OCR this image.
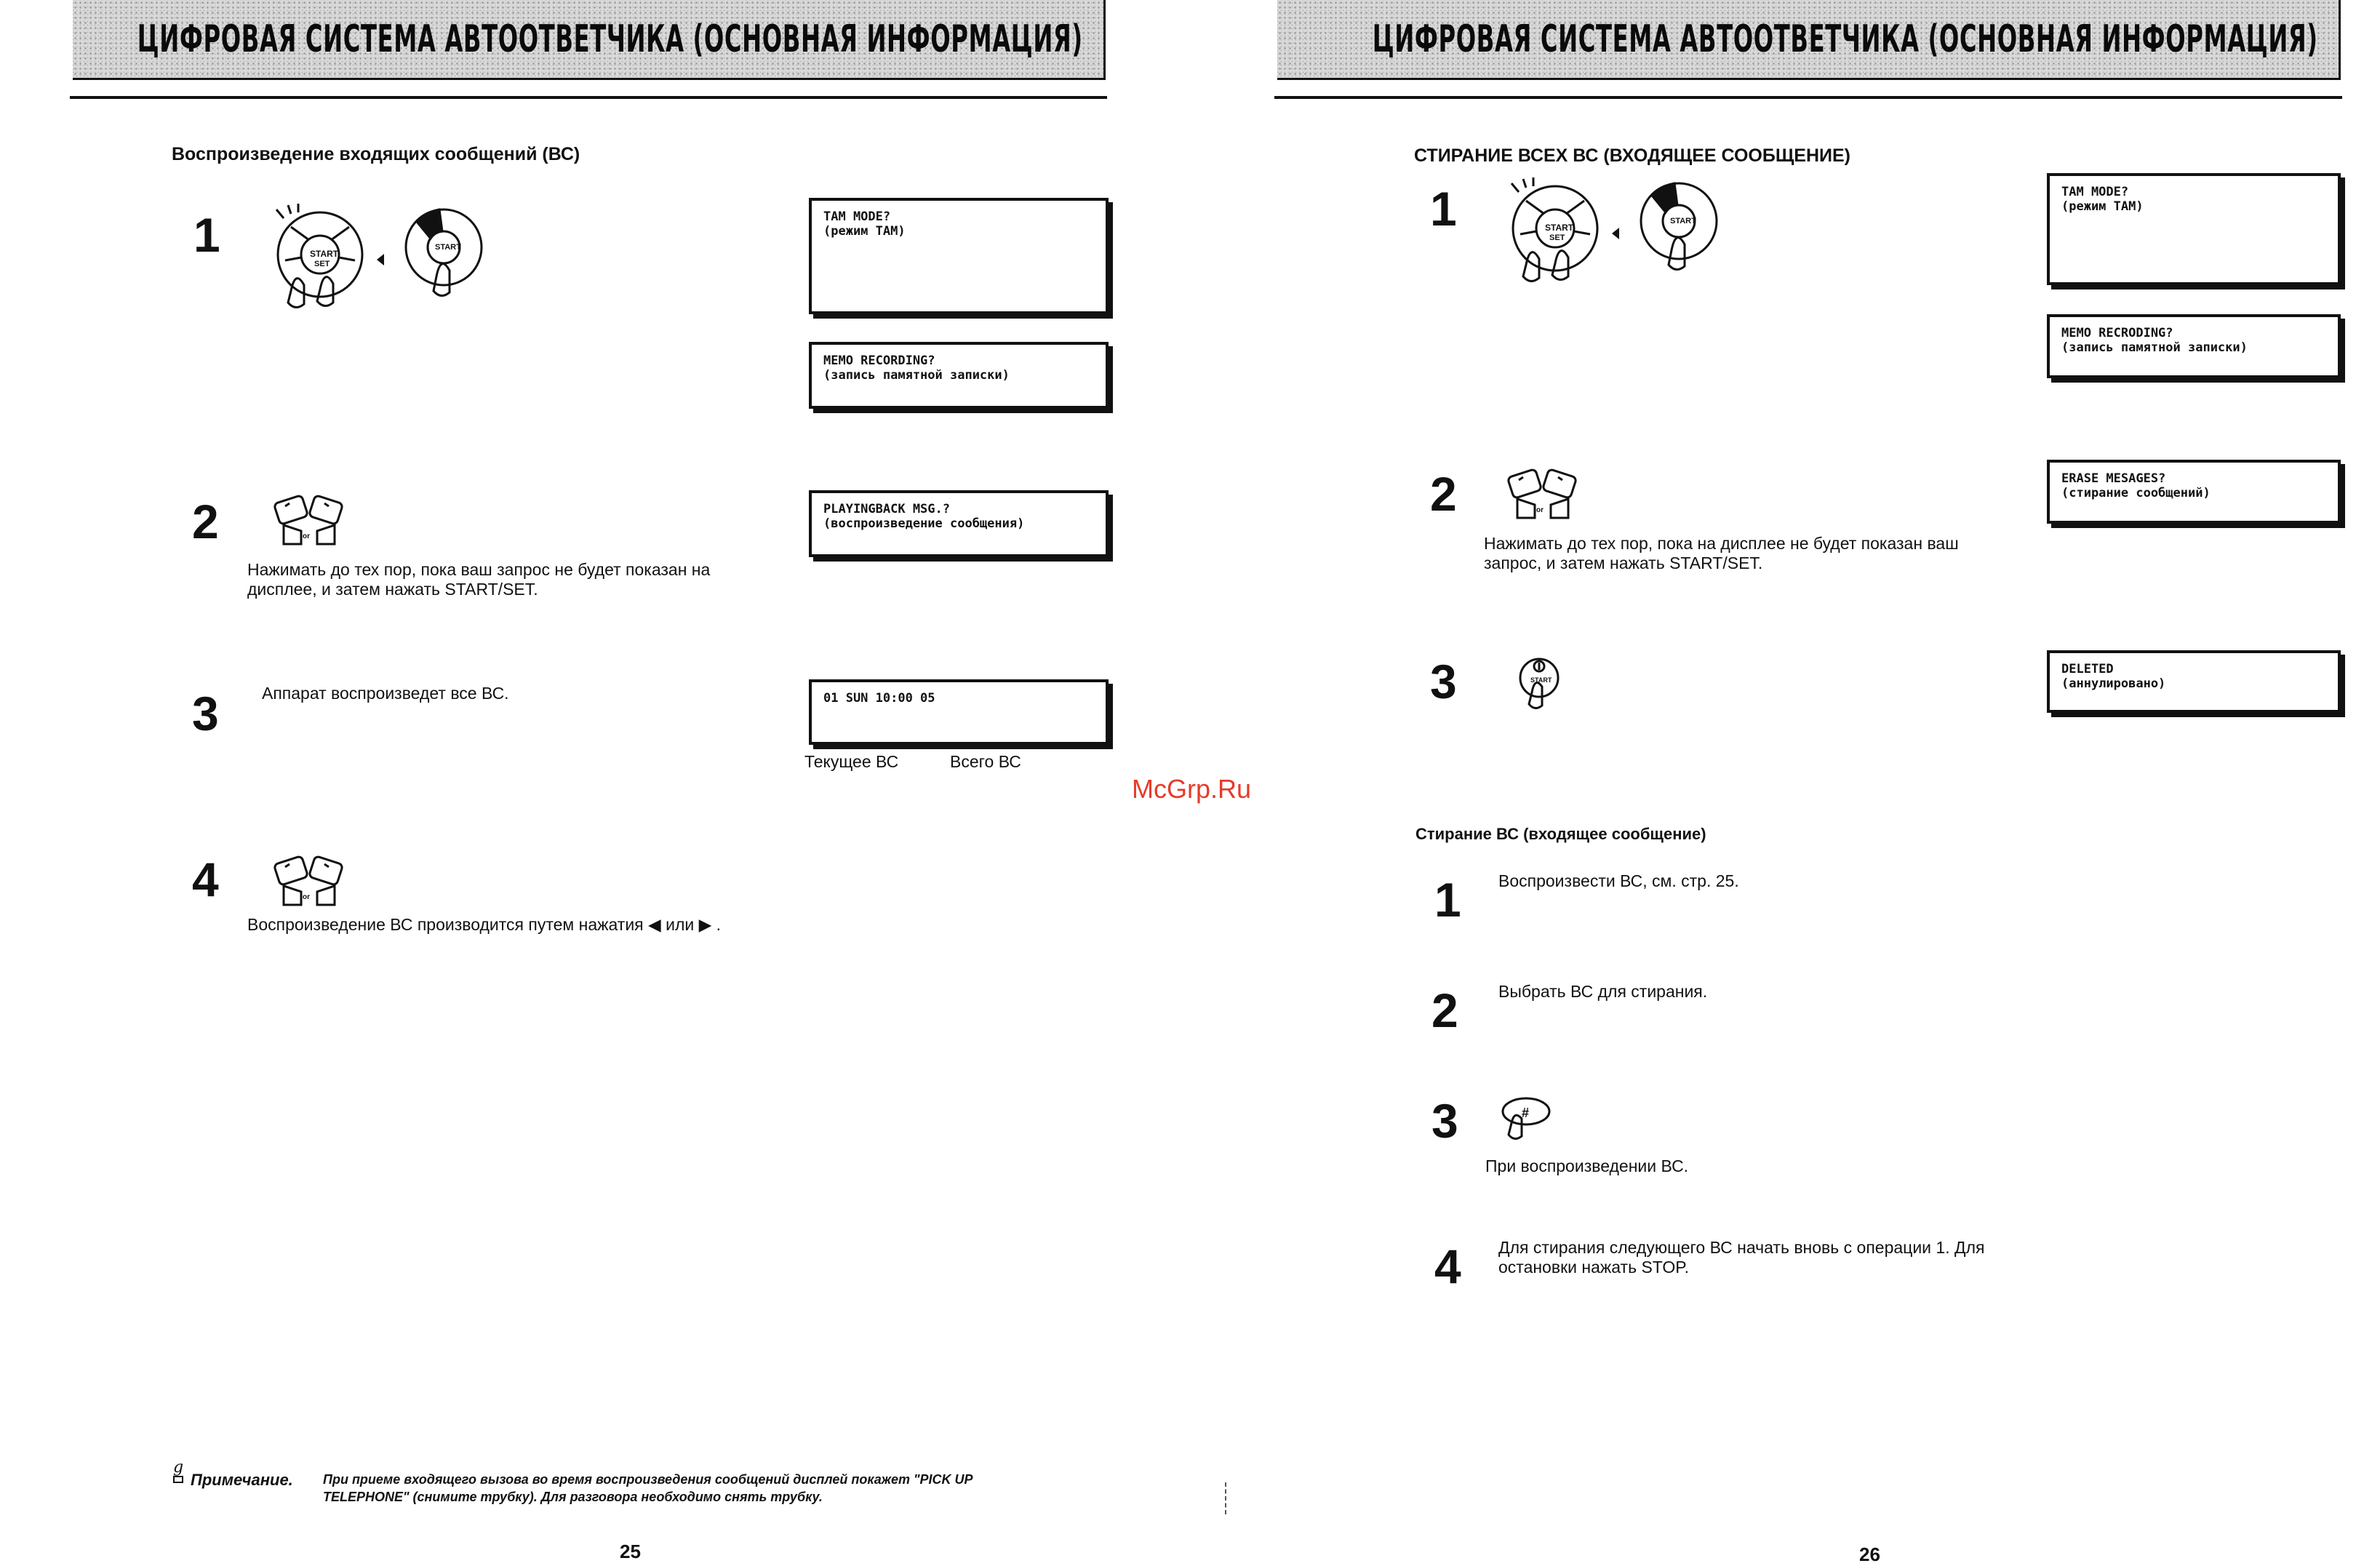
ЦИФРОВАЯ СИСТЕМА АВТООТВЕТЧИКА (ОСНОВНАЯ ИНФОРМАЦИЯ)
Воспроизведение входящих сообщений (ВС)
1	START
SET
START
TAM MODE?
(режим TAM)
MEMO RECORDING?
(запись памятной записки)
2	or
Нажимать до тех пор, пока ваш запрос не будет показан на дисплее, и затем нажать START/SET.
PLAYINGBACK MSG.?
(воспроизведение сообщения)
3	Аппарат воспроизведет все ВС.	01 SUN 10:00 05
Текущее ВС	Всего ВС
4	or
Воспроизведение ВС производится путем нажатия ◀ или ▶ .
g
Примечание. При приеме входящего вызова во время воспроизведения сообщений дисплей покажет "PICK UP TELEPHONE" (снимите трубку). Для разговора необходимо снять трубку.
25
McGrp.Ru
ЦИФРОВАЯ СИСТЕМА АВТООТВЕТЧИКА (ОСНОВНАЯ ИНФОРМАЦИЯ)
СТИРАНИЕ ВСЕХ ВС (ВХОДЯЩЕЕ СООБЩЕНИЕ)
1	START
SET
START
TAM MODE?
(режим TAM)
MEMO RECRODING?
(запись памятной записки)
2	or
Нажимать до тех пор, пока на дисплее не будет показан ваш запрос, и затем нажать START/SET.
ERASE MESAGES?
(стирание сообщений)
3	START
DELETED
(аннулировано)
Стирание ВС (входящее сообщение)
1 Воспроизвести ВС, см. стр. 25.
2 Выбрать ВС для стирания.
3	#
При воспроизведении ВС.
4 Для стирания следующего ВС начать вновь с операции 1. Для остановки нажать STOP.
26
